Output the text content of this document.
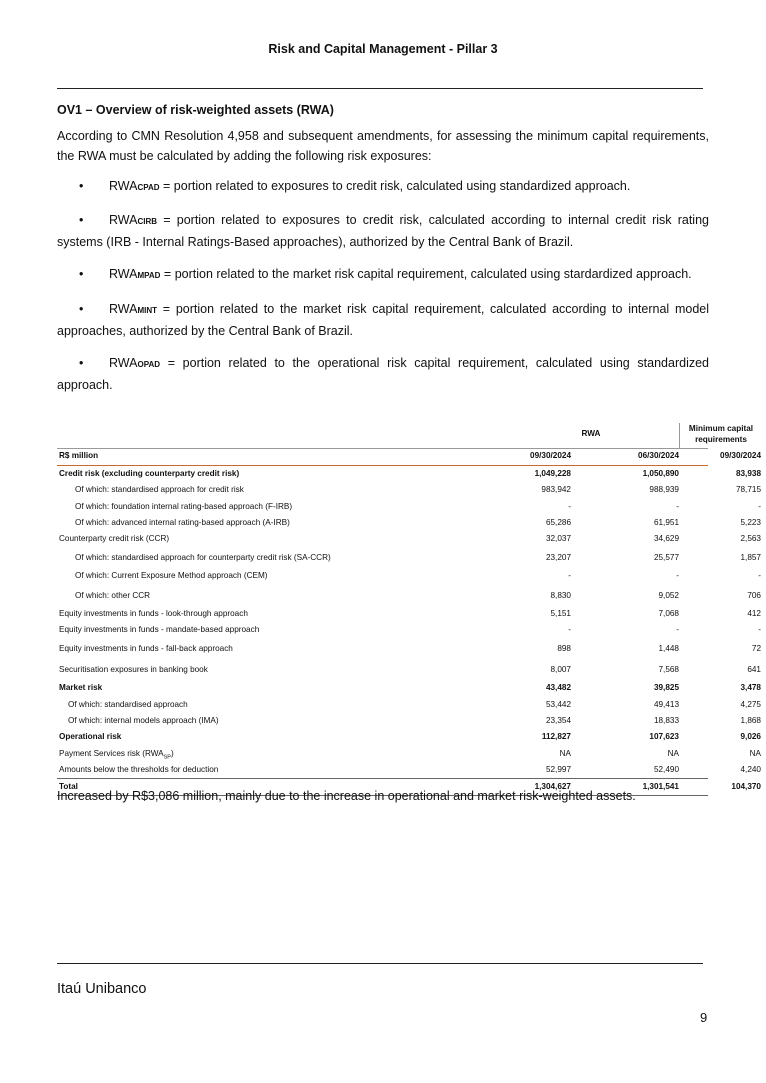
Risk and Capital Management - Pillar 3
OV1 – Overview of risk-weighted assets (RWA)
According to CMN Resolution 4,958 and subsequent amendments, for assessing the minimum capital requirements, the RWA must be calculated by adding the following risk exposures:
• RWACPAD = portion related to exposures to credit risk, calculated using standardized approach.
• RWACIRB = portion related to exposures to credit risk, calculated according to internal credit risk rating systems (IRB - Internal Ratings-Based approaches), authorized by the Central Bank of Brazil.
• RWAMPAD = portion related to the market risk capital requirement, calculated using stardardized approach.
• RWAMINT = portion related to the market risk capital requirement, calculated according to internal model approaches, authorized by the Central Bank of Brazil.
• RWAOPAD = portion related to the operational risk capital requirement, calculated using standardized approach.
RWA
Minimum capital requirements
R$ million	09/30/2024	06/30/2024	09/30/2024
Credit risk (excluding counterparty credit risk)	1,049,228	1,050,890	83,938
Of which: standardised approach for credit risk	983,942	988,939	78,715
Of which: foundation internal rating-based approach (F-IRB)	-	-	-
Of which: advanced internal rating-based approach (A-IRB)	65,286	61,951	5,223
Counterparty credit risk (CCR)	32,037	34,629	2,563
Of which: standardised approach for counterparty credit risk (SA-CCR)	23,207	25,577	1,857
Of which: Current Exposure Method approach (CEM)	-	-	-
Of which: other CCR	8,830	9,052	706
Equity investments in funds - look-through approach	5,151	7,068	412
Equity investments in funds - mandate-based approach	-	-	-
Equity investments in funds - fall-back approach	898	1,448	72
Securitisation exposures in banking book	8,007	7,568	641
Market risk	43,482	39,825	3,478
Of which: standardised approach	53,442	49,413	4,275
Of which: internal models approach (IMA)	23,354	18,833	1,868
Operational risk	112,827	107,623	9,026
Payment Services risk $(RWA_{SP})$	NA	NA	NA
Amounts below the thresholds for deduction	52,997	52,490	4,240
Total	1,304,627	1,301,541	104,370
Increased by R$3,086 million, mainly due to the increase in operational and market risk-weighted assets.
Itaú Unibanco
9
